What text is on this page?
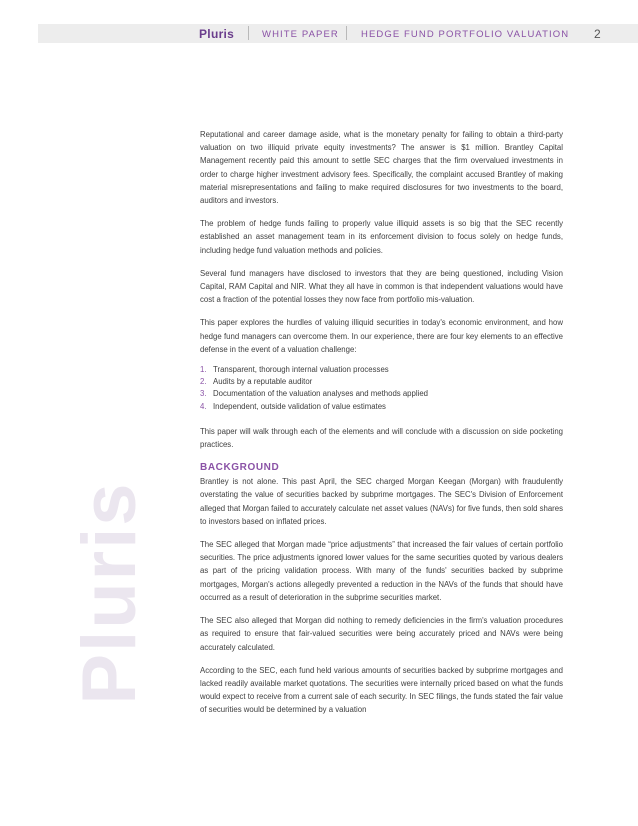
Pluris	WHITE PAPER HEDGE FUND PORTFOLIO VALUATION 2
Pluris

Reputational and career damage aside, what is the monetary penalty for failing to obtain a third-party valuation on two illiquid private equity investments? The answer is $1 million. Brantley Capital Management recently paid this amount to settle SEC charges that the firm overvalued investments in order to charge higher investment advisory fees. Specifically, the complaint accused Brantley of making material misrepresentations and failing to make required disclosures for two investments to the board, auditors and investors.

The problem of hedge funds failing to properly value illiquid assets is so big that the SEC recently established an asset management team in its enforcement division to focus solely on hedge funds, including hedge fund valuation methods and policies.

Several fund managers have disclosed to investors that they are being questioned, including Vision Capital, RAM Capital and NIR. What they all have in common is that independent valuations would have cost a fraction of the potential losses they now face from portfolio mis-valuation.

This paper explores the hurdles of valuing illiquid securities in today's economic environment, and how hedge fund managers can overcome them. In our experience, there are four key elements to an effective defense in the event of a valuation challenge:

1. Transparent, thorough internal valuation processes
2. Audits by a reputable auditor
3. Documentation of the valuation analyses and methods applied
4. Independent, outside validation of value estimates

This paper will walk through each of the elements and will conclude with a discussion on side pocketing practices.

BACKGROUND

Brantley is not alone. This past April, the SEC charged Morgan Keegan (Morgan) with fraudulently overstating the value of securities backed by subprime mortgages. The SEC's Division of Enforcement alleged that Morgan failed to accurately calculate net asset values (NAVs) for five funds, then sold shares to investors based on inflated prices.

The SEC alleged that Morgan made “price adjustments” that increased the fair values of certain portfolio securities. The price adjustments ignored lower values for the same securities quoted by various dealers as part of the pricing validation process. With many of the funds' securities backed by subprime mortgages, Morgan's actions allegedly prevented a reduction in the NAVs of the funds that should have occurred as a result of deterioration in the subprime securities market.

The SEC also alleged that Morgan did nothing to remedy deficiencies in the firm's valuation procedures as required to ensure that fair-valued securities were being accurately priced and NAVs were being accurately calculated.

According to the SEC, each fund held various amounts of securities backed by subprime mortgages and lacked readily available market quotations. The securities were internally priced based on what the funds would expect to receive from a current sale of each security. In SEC filings, the funds stated the fair value of securities would be determined by a valuation
